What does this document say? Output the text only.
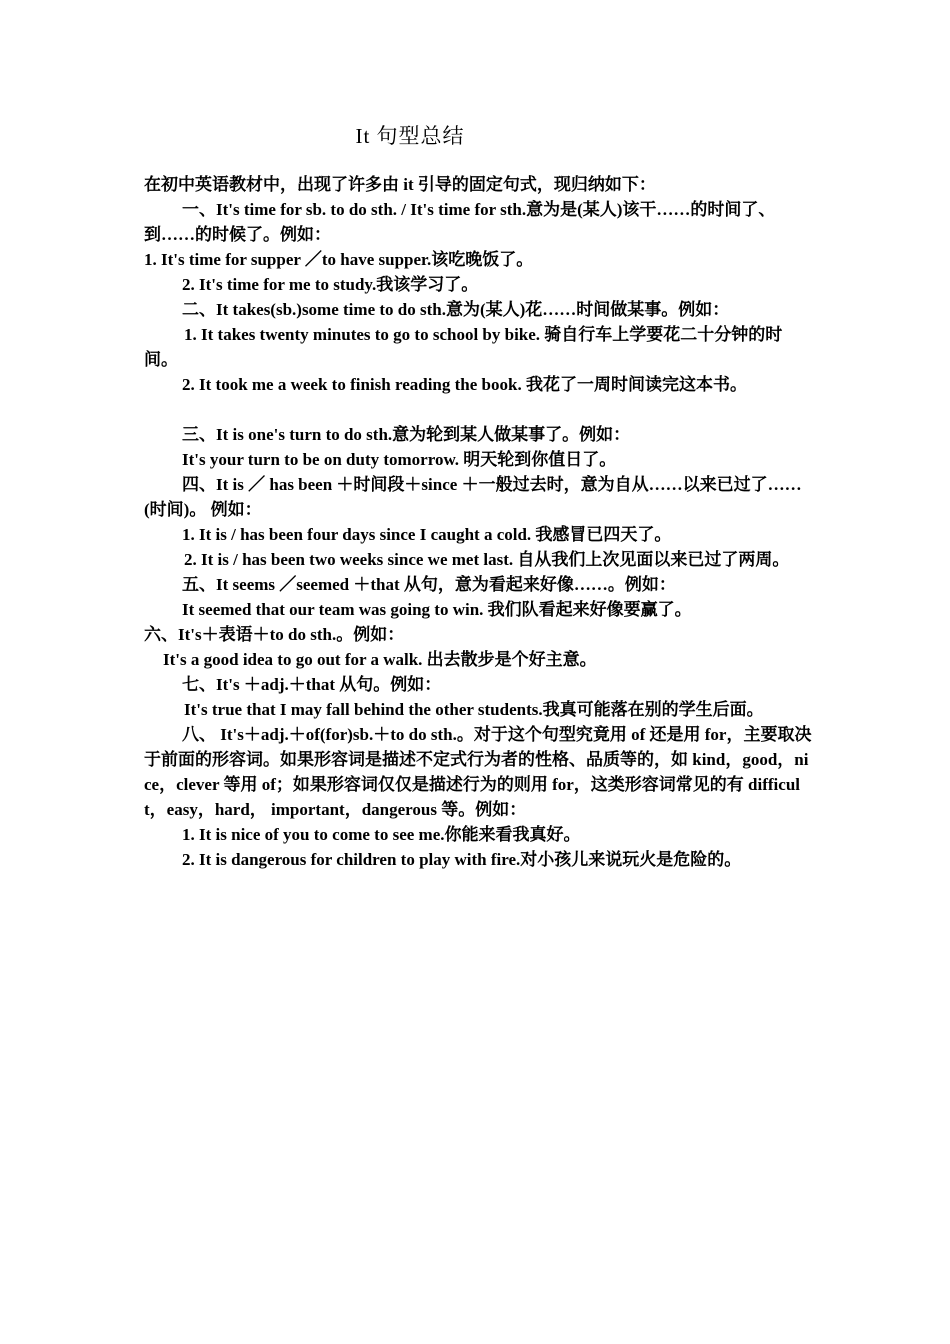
It 句型总结

在初中英语教材中，出现了许多由 it 引导的固定句式，现归纳如下：

一、It's time for sb. to do sth. / It's time for sth.意为是(某人)该干……的时间了、到……的时候了。例如：

1. It's time for supper ／to have supper.该吃晚饭了。

2. It's time for me to study.我该学习了。

二、It takes(sb.)some time to do sth.意为(某人)花……时间做某事。例如：

1. It takes twenty minutes to go to school by bike. 骑自行车上学要花二十分钟的时间。

2. It took me a week to finish reading the book. 我花了一周时间读完这本书。

三、It is one's turn to do sth.意为轮到某人做某事了。例如：

It's your turn to be on duty tomorrow. 明天轮到你值日了。

四、It is ／ has been ＋时间段＋since ＋一般过去时，意为自从……以来已过了……(时间)。 例如：

1. It is / has been four days since I caught a cold. 我感冒已四天了。

2. It is / has been two weeks since we met last. 自从我们上次见面以来已过了两周。

五、It seems ／seemed ＋that 从句，意为看起来好像……。例如：

It seemed that our team was going to win. 我们队看起来好像要赢了。

六、It's＋表语＋to do sth.。例如：

It's a good idea to go out for a walk. 出去散步是个好主意。

七、It's ＋adj.＋that 从句。例如：

It's true that I may fall behind the other students.我真可能落在别的学生后面。

八、 It's＋adj.＋of(for)sb.＋to do sth.。对于这个句型究竟用 of 还是用 for，主要取决于前面的形容词。如果形容词是描述不定式行为者的性格、品质等的，如 kind，good，nice，clever 等用 of；如果形容词仅仅是描述行为的则用 for，这类形容词常见的有 difficult，easy，hard， important，dangerous 等。例如：

1. It is nice of you to come to see me.你能来看我真好。

2. It is dangerous for children to play with fire.对小孩儿来说玩火是危险的。
